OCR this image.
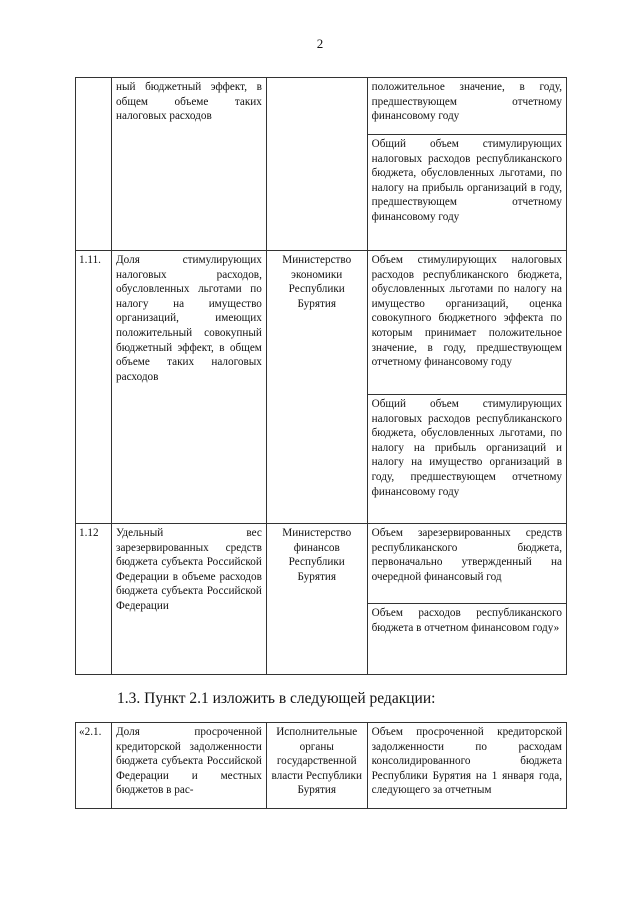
2
	ный бюджетный эффект, в общем объеме таких налоговых расходов		положительное значение, в году, предшествующем отчетному финансовому году
			Общий объем стимулирующих налоговых расходов республиканского бюджета, обусловленных льготами, по налогу на прибыль организаций в году, предшествующем отчетному финансовому году
1.11.	Доля стимулирующих налоговых расходов, обусловленных льготами по налогу на имущество организаций, имеющих положительный совокупный бюджетный эффект, в общем объеме таких налоговых расходов	Министерство экономики Республики Бурятия	Объем стимулирующих налоговых расходов республиканского бюджета, обусловленных льготами по налогу на имущество организаций, оценка совокупного бюджетного эффекта по которым принимает положительное значение, в году, предшествующем отчетному финансовому году
			Общий объем стимулирующих налоговых расходов республиканского бюджета, обусловленных льготами, по налогу на прибыль организаций и налогу на имущество организаций в году, предшествующем отчетному финансовому году
1.12	Удельный вес зарезервированных средств бюджета субъекта Российской Федерации в объеме расходов бюджета субъекта Российской Федерации	Министерство финансов Республики Бурятия	Объем зарезервированных средств республиканского бюджета, первоначально утвержденный на очередной финансовый год
			Объем расходов республиканского бюджета в отчетном финансовом году»
1.3. Пункт 2.1 изложить в следующей редакции:
«2.1.	Доля просроченной кредиторской задолженности бюджета субъекта Российской Федерации и местных бюджетов в рас-	Исполнительные органы государственной власти Республики Бурятия	Объем просроченной кредиторской задолженности по расходам консолидированного бюджета Республики Бурятия на 1 января года, следующего за отчетным
